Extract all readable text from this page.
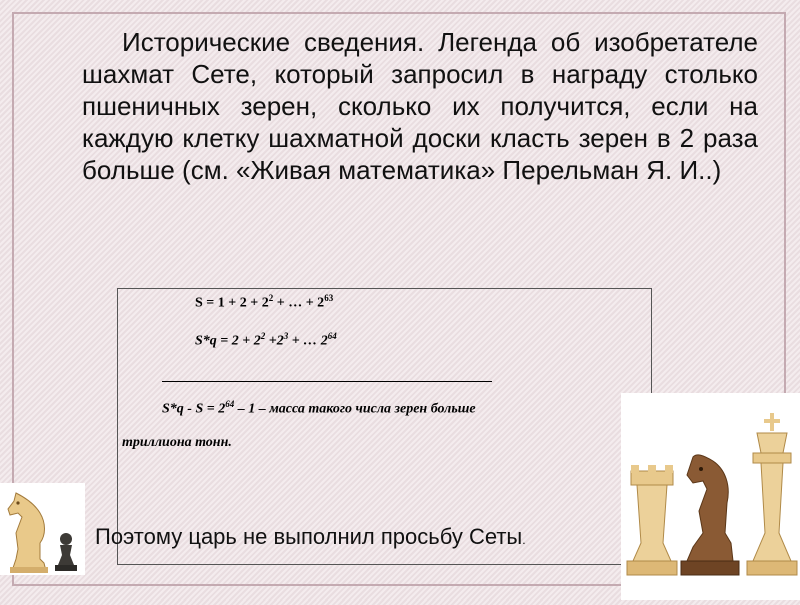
Исторические сведения. Легенда об изобретателе шахмат Сете, который запросил в награду столько пшеничных зерен, сколько их получится, если на каждую клетку шахматной доски класть зерен в 2 раза больше (см. «Живая математика» Перельман Я. И..)

$S = 1 + 2 + 2^2$ + … + $2^{63}$
$S*q = 2 + 2^2 +2^3$ + … $2^{64}$
$S*q - S = 2^{64} - 1$ – масса такого числа зерен больше
триллиона тонн.
Поэтому царь не выполнил просьбу Сеты.
